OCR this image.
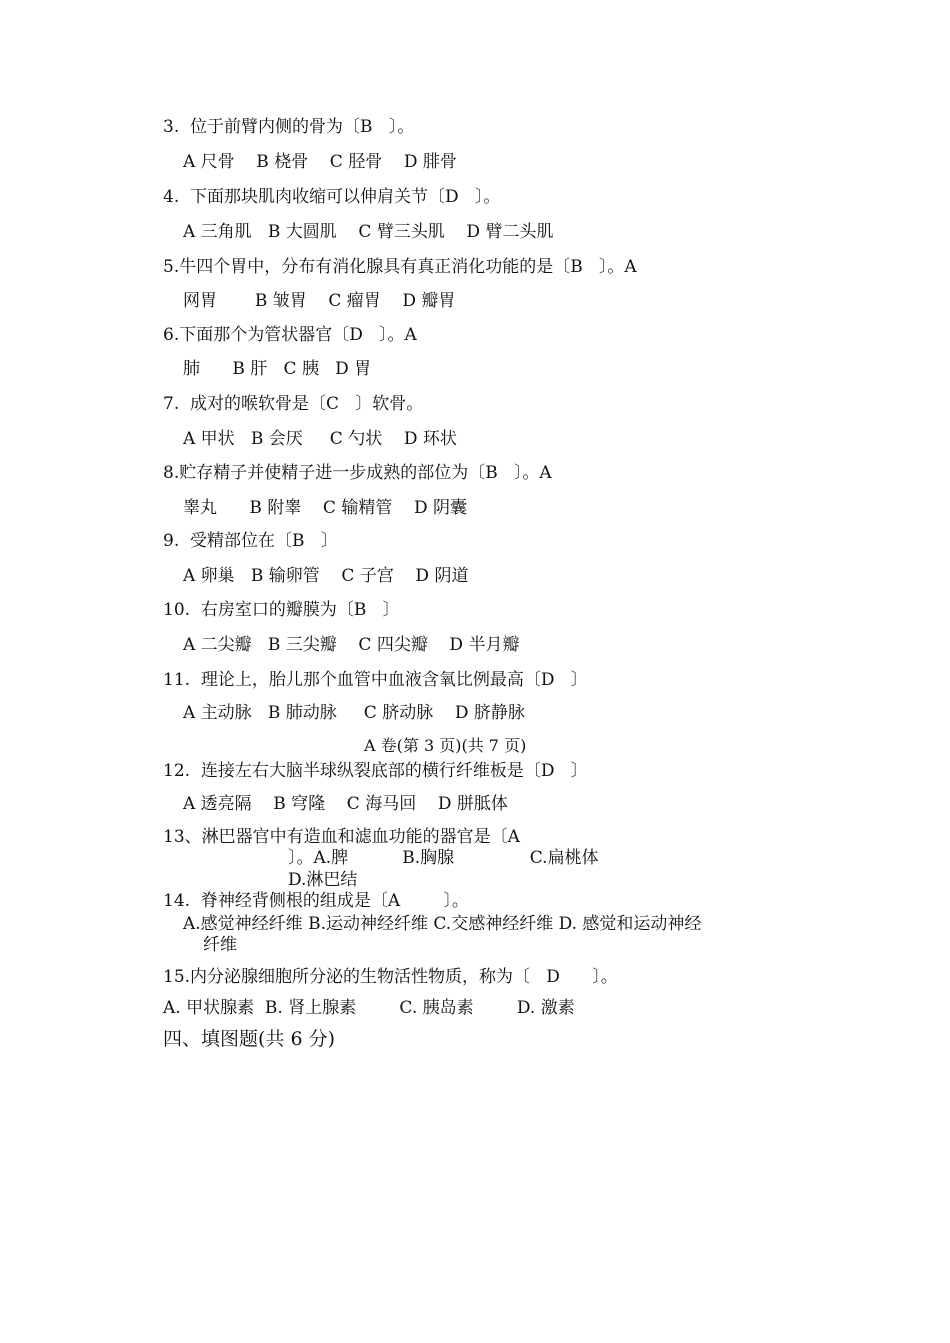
3.  位于前臂内侧的骨为〔B   〕。
A 尺骨    B 桡骨    C 胫骨    D 腓骨
4.  下面那块肌肉收缩可以伸肩关节〔D   〕。
A 三角肌   B 大圆肌    C 臂三头肌    D 臂二头肌
5.牛四个胃中，分布有消化腺具有真正消化功能的是〔B   〕。A
网胃       B 皱胃    C 瘤胃    D 瓣胃
6.下面那个为管状器官〔D   〕。A
肺      B 肝   C 胰   D 胃
7.  成对的喉软骨是〔C   〕软骨。
A 甲状   B 会厌     C 勺状    D 环状
8.贮存精子并使精子进一步成熟的部位为〔B   〕。A
睾丸      B 附睾    C 输精管    D 阴囊
9.  受精部位在〔B   〕
A 卵巢   B 输卵管    C 子宫    D 阴道
10.  右房室口的瓣膜为〔B   〕
A 二尖瓣   B 三尖瓣    C 四尖瓣    D 半月瓣
11.  理论上，胎儿那个血管中血液含氧比例最高〔D   〕
A 主动脉   B 肺动脉     C 脐动脉    D 脐静脉
A 卷(第 3 页)(共 7 页)
12.  连接左右大脑半球纵裂底部的横行纤维板是〔D   〕
A 透亮隔    B 穹隆    C 海马回    D 胼胝体
13、淋巴器官中有造血和滤血功能的器官是〔A
〕。A.脾          B.胸腺              C.扁桃体
D.淋巴结
14.  脊神经背侧根的组成是〔A        〕。
A.感觉神经纤维 B.运动神经纤维 C.交感神经纤维 D. 感觉和运动神经
纤维
15.内分泌腺细胞所分泌的生物活性物质，称为〔   D      〕。
A. 甲状腺素  B. 肾上腺素        C. 胰岛素        D. 激素
四、填图题(共 6 分)
